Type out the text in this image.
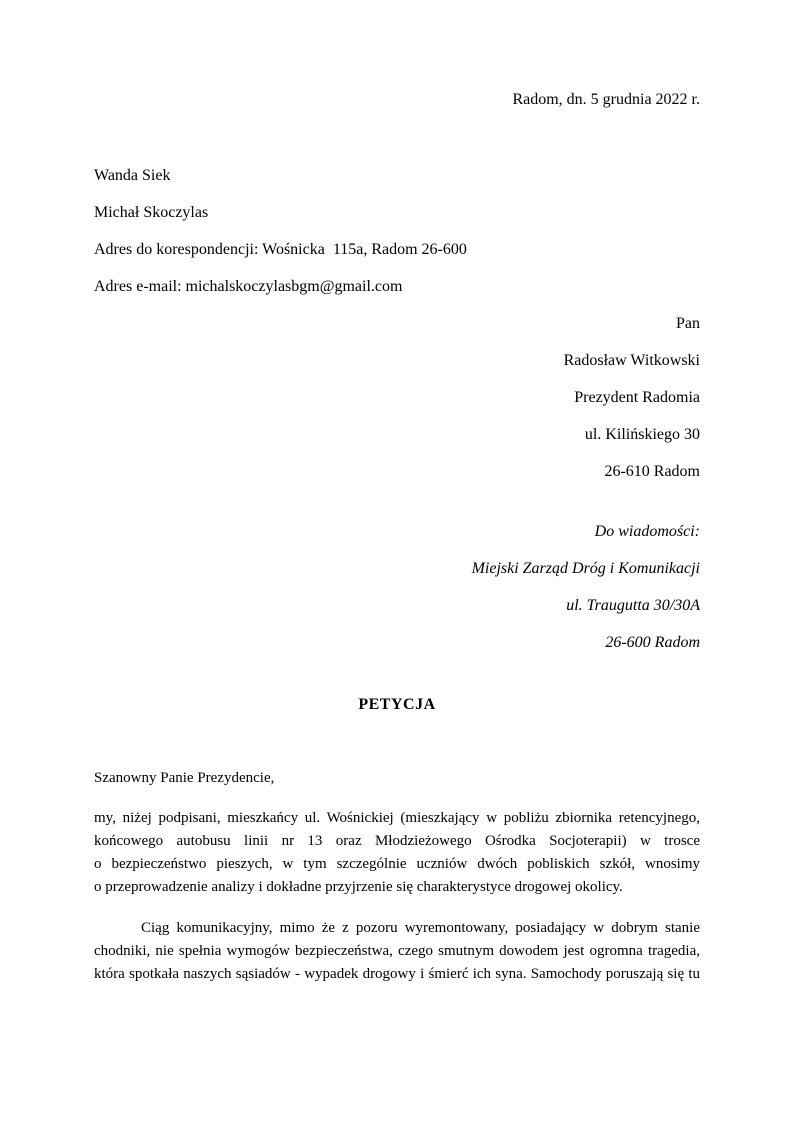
Radom, dn. 5 grudnia 2022 r.
Wanda Siek
Michał Skoczylas
Adres do korespondencji: Wośnicka  115a, Radom 26-600
Adres e-mail: michalskoczylasbgm@gmail.com
Pan
Radosław Witkowski
Prezydent Radomia
ul. Kilińskiego 30
26-610 Radom
Do wiadomości:
Miejski Zarząd Dróg i Komunikacji
ul. Traugutta 30/30A
26-600 Radom
PETYCJA
Szanowny Panie Prezydencie,
my, niżej podpisani, mieszkańcy ul. Wośnickiej (mieszkający w pobliżu zbiornika retencyjnego,
końcowego autobusu linii nr 13 oraz Młodzieżowego Ośrodka Socjoterapii) w trosce
o bezpieczeństwo pieszych, w tym szczególnie uczniów dwóch pobliskich szkół, wnosimy
o przeprowadzenie analizy i dokładne przyjrzenie się charakterystyce drogowej okolicy.
Ciąg komunikacyjny, mimo że z pozoru wyremontowany, posiadający w dobrym stanie
chodniki, nie spełnia wymogów bezpieczeństwa, czego smutnym dowodem jest ogromna tragedia,
która spotkała naszych sąsiadów - wypadek drogowy i śmierć ich syna. Samochody poruszają się tu
